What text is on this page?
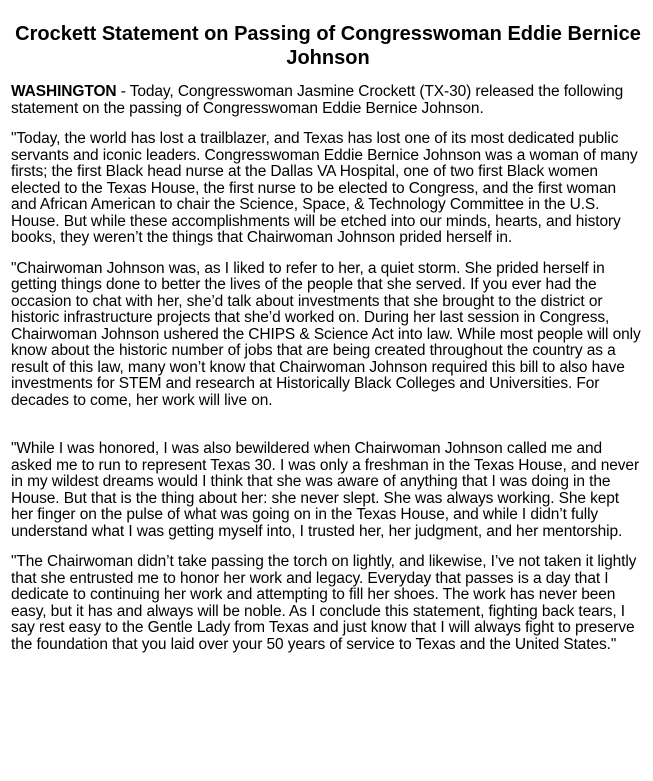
Crockett Statement on Passing of Congresswoman Eddie Bernice Johnson

WASHINGTON - Today, Congresswoman Jasmine Crockett (TX-30) released the following statement on the passing of Congresswoman Eddie Bernice Johnson.

"Today, the world has lost a trailblazer, and Texas has lost one of its most dedicated public servants and iconic leaders. Congresswoman Eddie Bernice Johnson was a woman of many firsts; the first Black head nurse at the Dallas VA Hospital, one of two first Black women elected to the Texas House, the first nurse to be elected to Congress, and the first woman and African American to chair the Science, Space, & Technology Committee in the U.S. House. But while these accomplishments will be etched into our minds, hearts, and history books, they weren’t the things that Chairwoman Johnson prided herself in.

"Chairwoman Johnson was, as I liked to refer to her, a quiet storm. She prided herself in getting things done to better the lives of the people that she served. If you ever had the occasion to chat with her, she’d talk about investments that she brought to the district or historic infrastructure projects that she’d worked on. During her last session in Congress, Chairwoman Johnson ushered the CHIPS & Science Act into law. While most people will only know about the historic number of jobs that are being created throughout the country as a result of this law, many won’t know that Chairwoman Johnson required this bill to also have investments for STEM and research at Historically Black Colleges and Universities. For decades to come, her work will live on.

"While I was honored, I was also bewildered when Chairwoman Johnson called me and asked me to run to represent Texas 30. I was only a freshman in the Texas House, and never in my wildest dreams would I think that she was aware of anything that I was doing in the House. But that is the thing about her: she never slept. She was always working. She kept her finger on the pulse of what was going on in the Texas House, and while I didn’t fully understand what I was getting myself into, I trusted her, her judgment, and her mentorship.

"The Chairwoman didn’t take passing the torch on lightly, and likewise, I’ve not taken it lightly that she entrusted me to honor her work and legacy. Everyday that passes is a day that I dedicate to continuing her work and attempting to fill her shoes. The work has never been easy, but it has and always will be noble. As I conclude this statement, fighting back tears, I say rest easy to the Gentle Lady from Texas and just know that I will always fight to preserve the foundation that you laid over your 50 years of service to Texas and the United States."
